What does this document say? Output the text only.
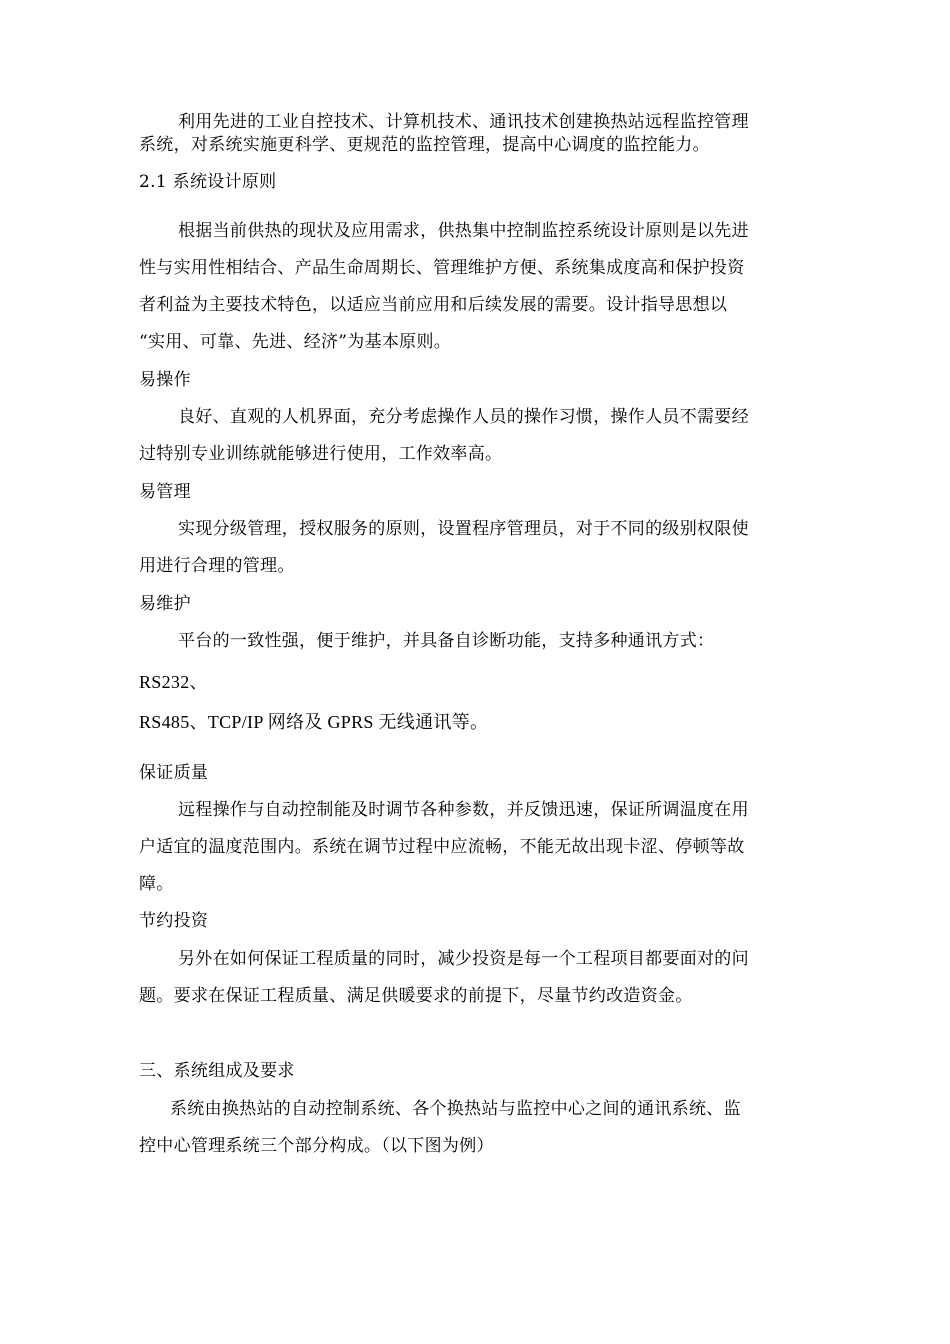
利用先进的工业自控技术、计算机技术、通讯技术创建换热站远程监控管理
系统，对系统实施更科学、更规范的监控管理，提高中心调度的监控能力。
2.1 系统设计原则
根据当前供热的现状及应用需求，供热集中控制监控系统设计原则是以先进
性与实用性相结合、产品生命周期长、管理维护方便、系统集成度高和保护投资
者利益为主要技术特色，以适应当前应用和后续发展的需要。设计指导思想以
“实用、可靠、先进、经济”为基本原则。
易操作
良好、直观的人机界面，充分考虑操作人员的操作习惯，操作人员不需要经
过特别专业训练就能够进行使用，工作效率高。
易管理
实现分级管理，授权服务的原则，设置程序管理员，对于不同的级别权限使
用进行合理的管理。
易维护
平台的一致性强，便于维护，并具备自诊断功能，支持多种通讯方式：
RS232、
RS485、TCP/IP 网络及 GPRS 无线通讯等。
保证质量
远程操作与自动控制能及时调节各种参数，并反馈迅速，保证所调温度在用
户适宜的温度范围内。系统在调节过程中应流畅，不能无故出现卡涩、停顿等故
障。
节约投资
另外在如何保证工程质量的同时，减少投资是每一个工程项目都要面对的问
题。要求在保证工程质量、满足供暖要求的前提下，尽量节约改造资金。
三、系统组成及要求
系统由换热站的自动控制系统、各个换热站与监控中心之间的通讯系统、监
控中心管理系统三个部分构成。（以下图为例）
